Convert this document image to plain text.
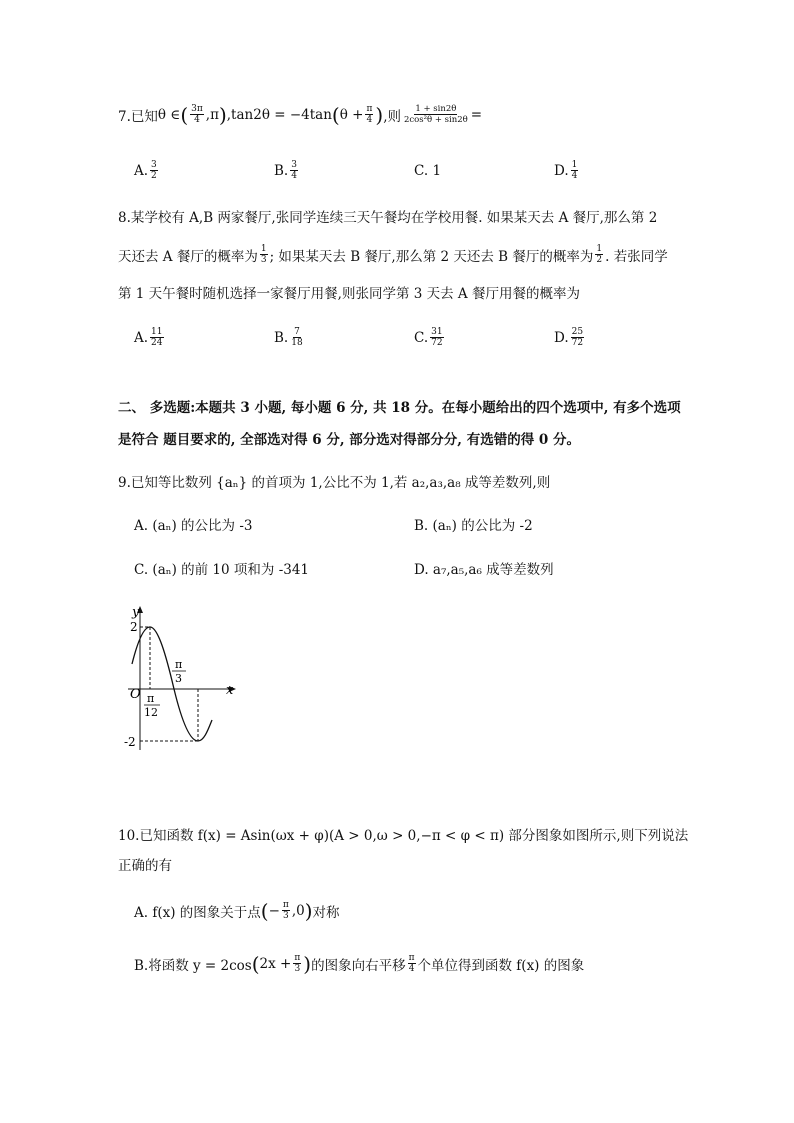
7.已知 θ ∈ ( $\frac{3\pi}{4} ,\pi$ ) ,tan2θ = −4tan ( $\theta + \frac{\pi}{4}$ ) ,则 $\frac{1 + \sin 2\theta}{\text{2cos²θ + sin2θ}}$ =
A. $\frac{3}{2}$	B. $\frac{3}{4}$	C.
1	D. $\frac{1}{4}$
8.某学校有 A,B 两家餐厅,张同学连续三天午餐均在学校用餐. 如果某天去 A 餐厅,那么第 2
天还去 A 餐厅的概率为 $\frac{1}{3}$ ; 如果某天去 B 餐厅,那么第 2 天还去 B 餐厅的概率为 $\frac{1}{2}$ . 若张同学
第 1 天午餐时随机选择一家餐厅用餐,则张同学第 3 天去 A 餐厅用餐的概率为
A. $\frac{11}{24}$	B. $\frac{7}{18}$	C. $\frac{31}{72}$	D. $\frac{25}{72}$
二、 多选题:本题共 3 小题, 每小题 6 分, 共 18 分。在每小题给出的四个选项中, 有多个选项
是符合 题目要求的, 全部选对得 6 分, 部分选对得部分分, 有选错的得 0 分。
9.已知等比数列 {aₙ} 的首项为 1,公比不为 1,若 a₂,a₃,a₈ 成等差数列,则
A. (aₙ) 的公比为 -3	B. (aₙ) 的公比为 -2
C. (aₙ) 的前 10 项和为 -341	D. a₇,a₅,a₆ 成等差数列
y
x
O
2
-2
π
12
π
3
10.已知函数 f(x) = Asin(ωx + φ)(A > 0,ω > 0,−π < φ < π) 部分图象如图所示,则下列说法
正确的有
A. f(x) 的图象关于点 ( − $\frac{\pi}{3} ,0$ ) 对称
B.将函数 y = 2cos ( $2x + \frac{\pi}{3}$ ) 的图象向右平移 $\frac{\pi}{4}$ 个单位得到函数 f(x) 的图象
